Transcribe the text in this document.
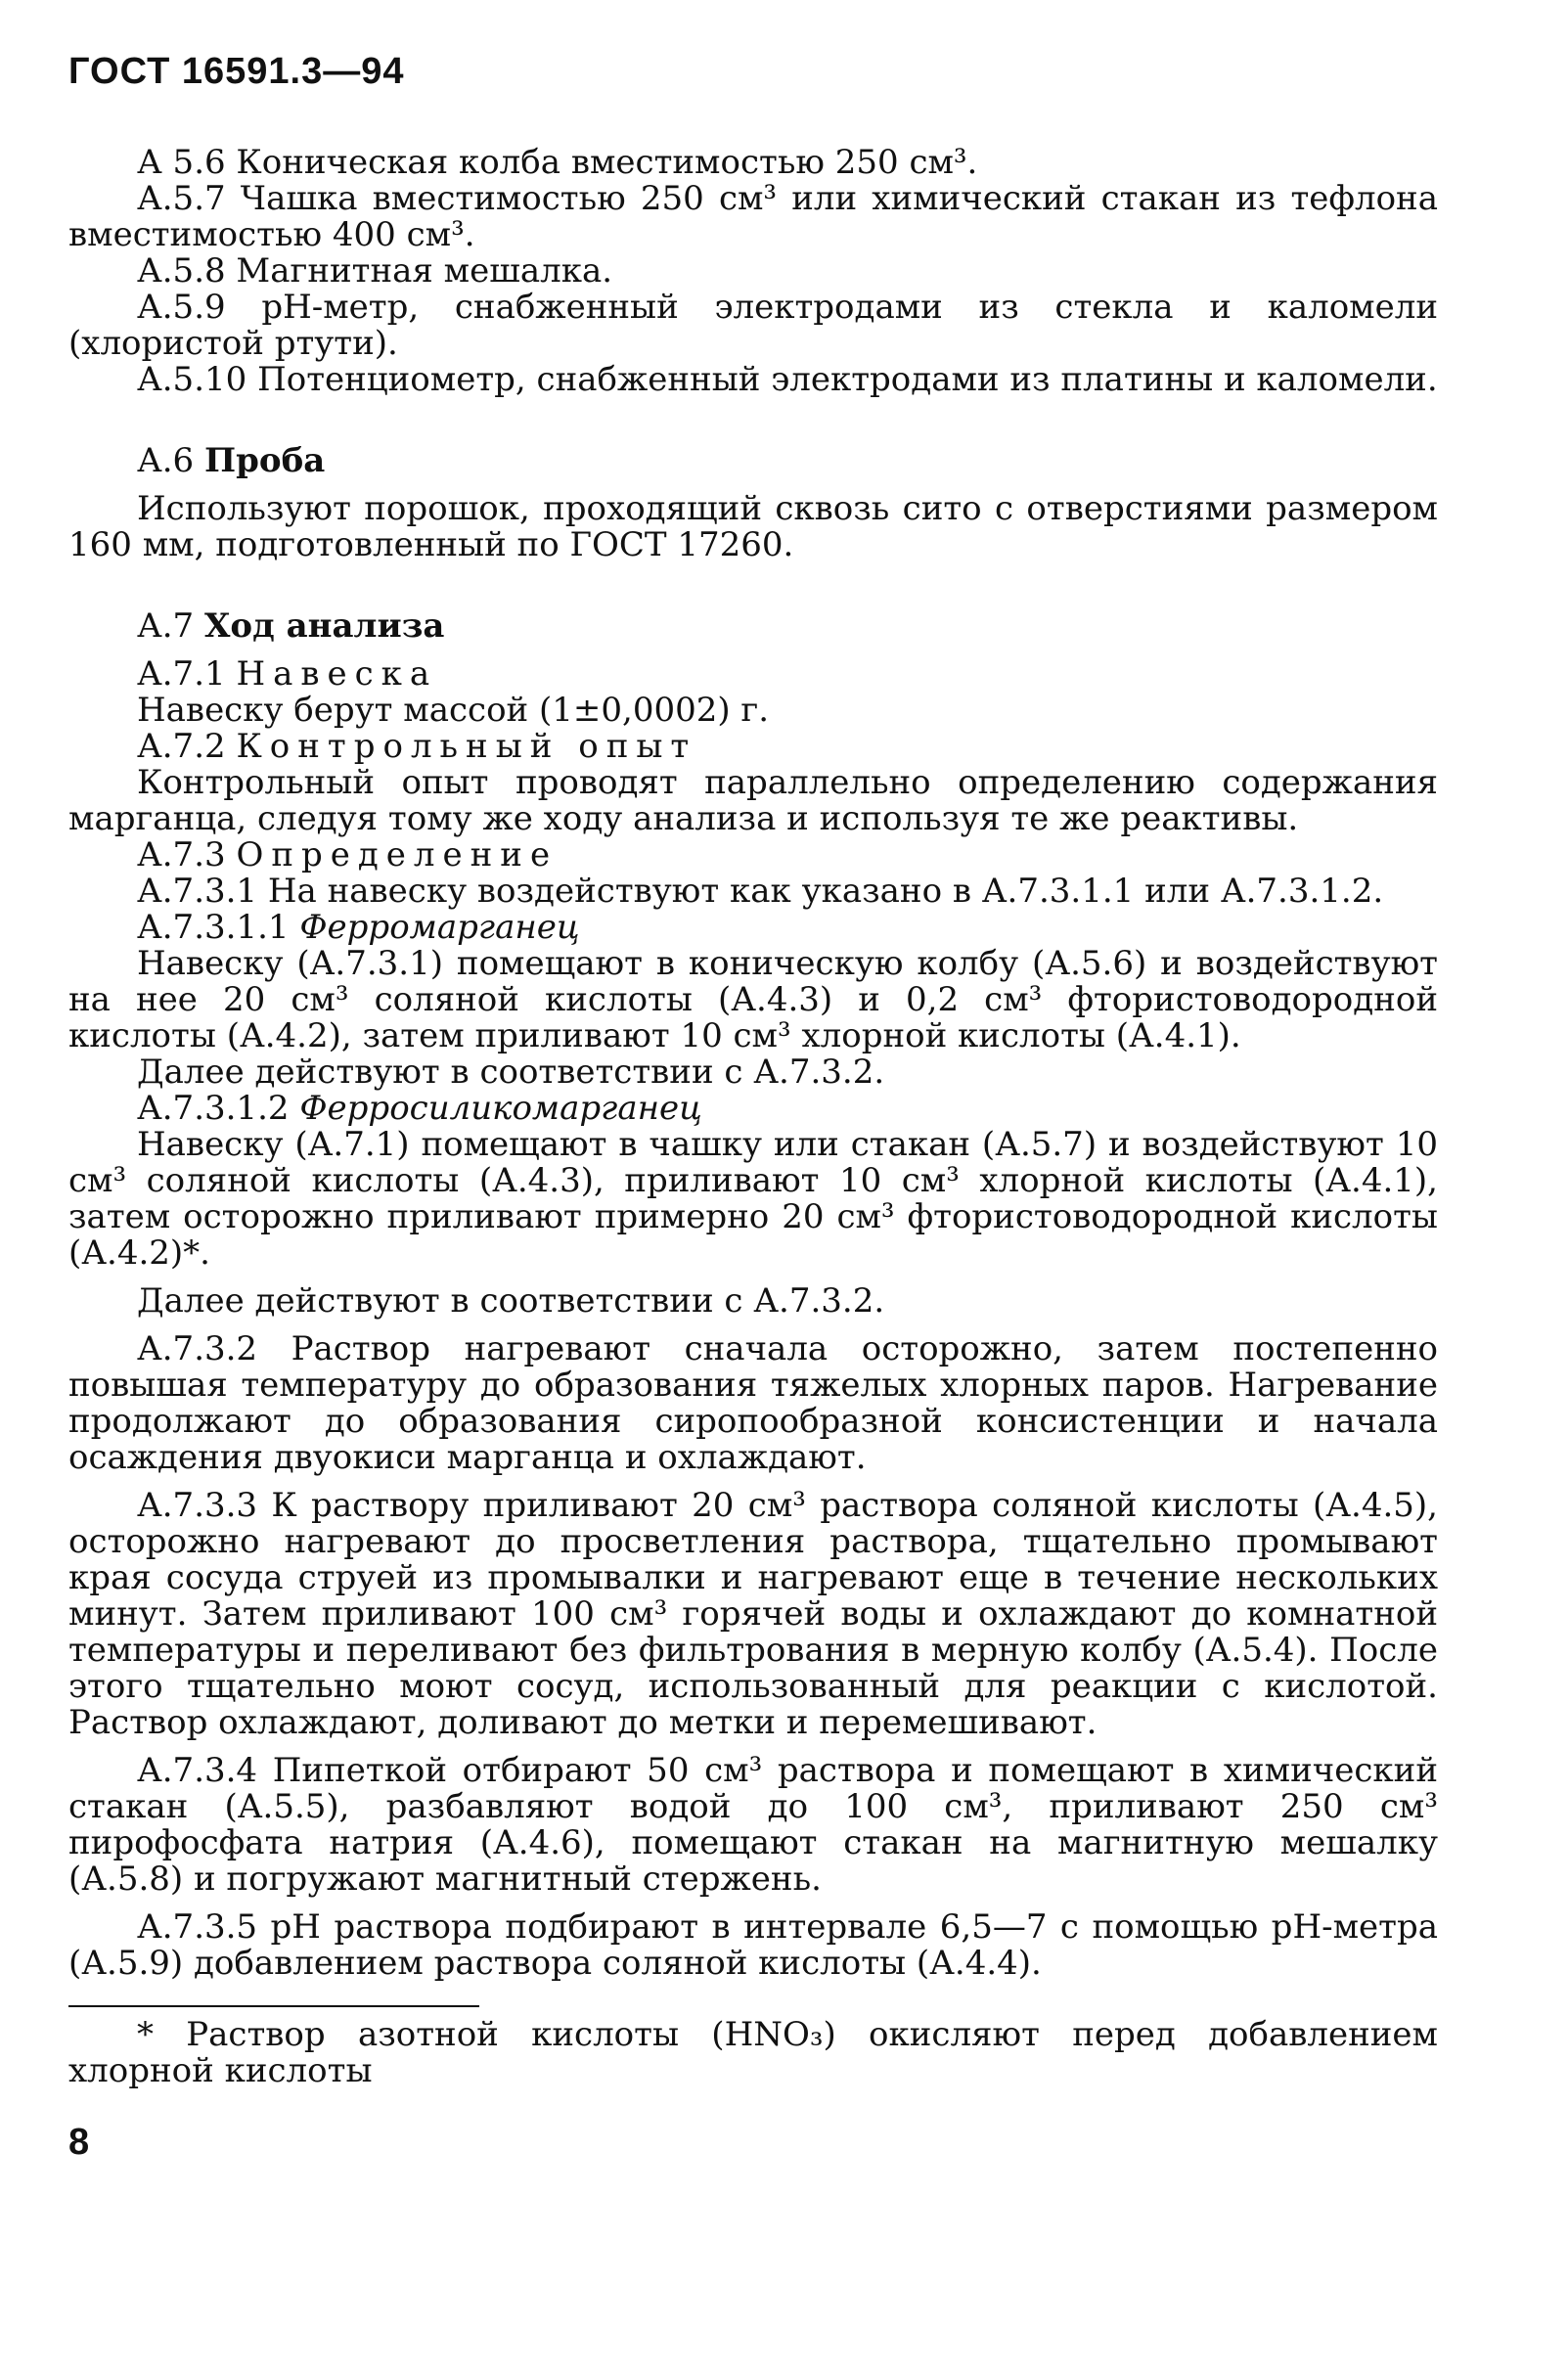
ГОСТ 16591.3—94
А 5.6 Коническая колба вместимостью 250 см³.
А.5.7 Чашка вместимостью 250 см³ или химический стакан из тефлона вместимостью 400 см³.
А.5.8 Магнитная мешалка.
А.5.9 рН-метр, снабженный электродами из стекла и каломели (хлористой ртути).
А.5.10 Потенциометр, снабженный электродами из платины и каломели.
А.6 Проба
Используют порошок, проходящий сквозь сито с отверстиями размером 160 мм, подготовленный по ГОСТ 17260.
А.7 Ход анализа
А.7.1 Навеска
Навеску берут массой (1±0,0002) г.
А.7.2 Контрольный опыт
Контрольный опыт проводят параллельно определению содержания марганца, следуя тому же ходу анализа и используя те же реактивы.
А.7.3 Определение
А.7.3.1 На навеску воздействуют как указано в А.7.3.1.1 или А.7.3.1.2.
А.7.3.1.1 Ферромарганец
Навеску (А.7.3.1) помещают в коническую колбу (А.5.6) и воздействуют на нее 20 см³ соляной кислоты (А.4.3) и 0,2 см³ фтористоводородной кислоты (А.4.2), затем приливают 10 см³ хлорной кислоты (А.4.1).
Далее действуют в соответствии с А.7.3.2.
А.7.3.1.2 Ферросиликомарганец
Навеску (А.7.1) помещают в чашку или стакан (А.5.7) и воздействуют 10 см³ соляной кислоты (А.4.3), приливают 10 см³ хлорной кислоты (А.4.1), затем осторожно приливают примерно 20 см³ фтористоводородной кислоты (А.4.2)*.
Далее действуют в соответствии с А.7.3.2.
А.7.3.2 Раствор нагревают сначала осторожно, затем постепенно повышая температуру до образования тяжелых хлорных паров. Нагревание продолжают до образования сиропообразной консистенции и начала осаждения двуокиси марганца и охлаждают.
А.7.3.3 К раствору приливают 20 см³ раствора соляной кислоты (А.4.5), осторожно нагревают до просветления раствора, тщательно промывают края сосуда струей из промывалки и нагревают еще в течение нескольких минут. Затем приливают 100 см³ горячей воды и охлаждают до комнатной температуры и переливают без фильтрования в мерную колбу (А.5.4). После этого тщательно моют сосуд, использованный для реакции с кислотой. Раствор охлаждают, доливают до метки и перемешивают.
А.7.3.4 Пипеткой отбирают 50 см³ раствора и помещают в химический стакан (А.5.5), разбавляют водой до 100 см³, приливают 250 см³ пирофосфата натрия (А.4.6), помещают стакан на магнитную мешалку (А.5.8) и погружают магнитный стержень.
А.7.3.5 рН раствора подбирают в интервале 6,5—7 с помощью рН-метра (А.5.9) добавлением раствора соляной кислоты (А.4.4).
* Раствор азотной кислоты (HNO₃) окисляют перед добавлением хлорной кислоты
8
